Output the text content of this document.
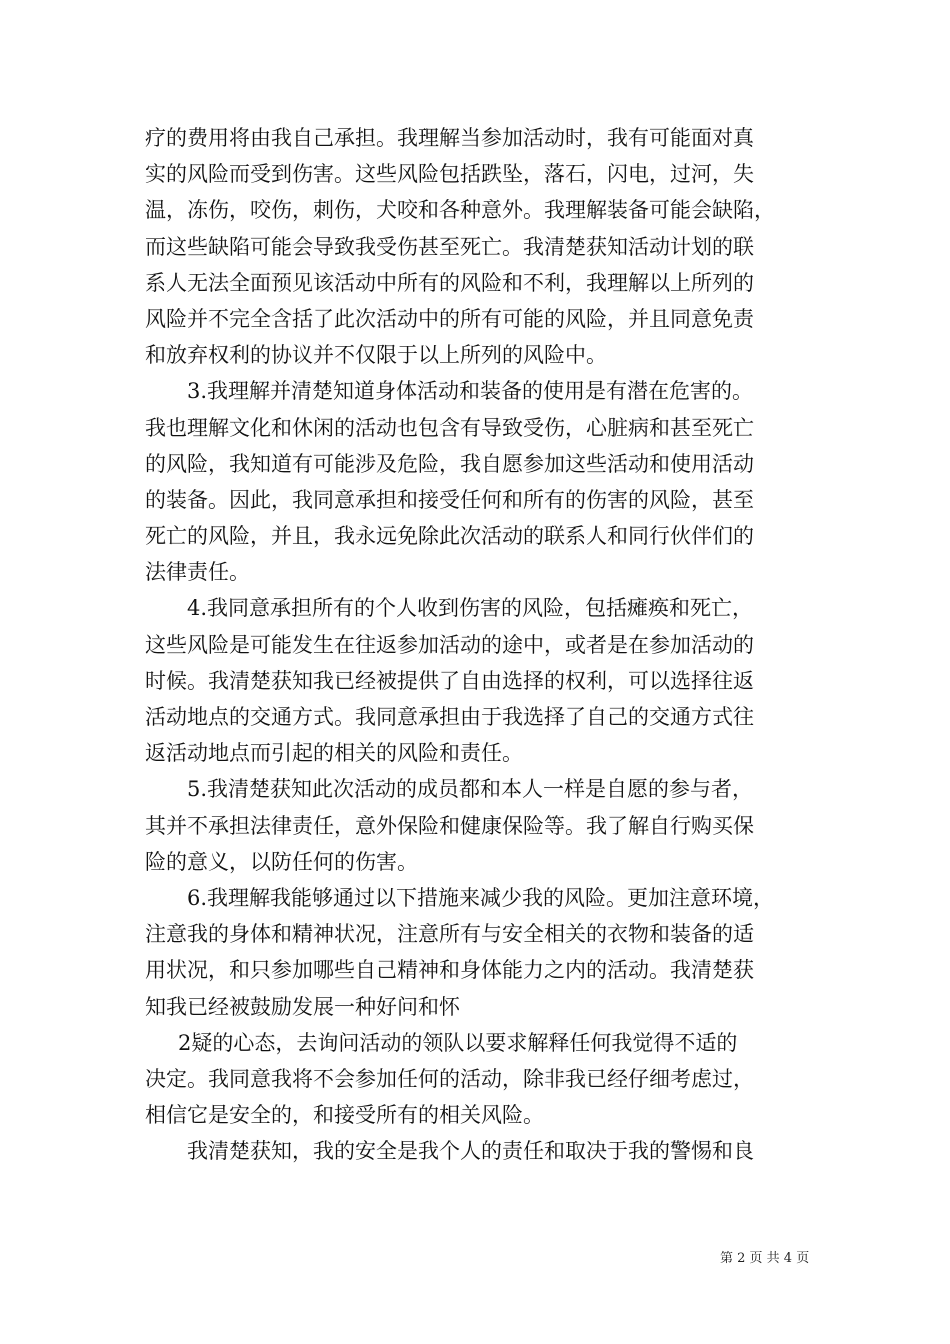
疗的费用将由我自己承担。我理解当参加活动时，我有可能面对真
实的风险而受到伤害。这些风险包括跌坠，落石，闪电，过河，失
温，冻伤，咬伤，刺伤，犬咬和各种意外。我理解装备可能会缺陷，
而这些缺陷可能会导致我受伤甚至死亡。我清楚获知活动计划的联
系人无法全面预见该活动中所有的风险和不利，我理解以上所列的
风险并不完全含括了此次活动中的所有可能的风险，并且同意免责
和放弃权利的协议并不仅限于以上所列的风险中。
3.我理解并清楚知道身体活动和装备的使用是有潜在危害的。
我也理解文化和休闲的活动也包含有导致受伤，心脏病和甚至死亡
的风险，我知道有可能涉及危险，我自愿参加这些活动和使用活动
的装备。因此，我同意承担和接受任何和所有的伤害的风险，甚至
死亡的风险，并且，我永远免除此次活动的联系人和同行伙伴们的
法律责任。
4.我同意承担所有的个人收到伤害的风险，包括瘫痪和死亡，
这些风险是可能发生在往返参加活动的途中，或者是在参加活动的
时候。我清楚获知我已经被提供了自由选择的权利，可以选择往返
活动地点的交通方式。我同意承担由于我选择了自己的交通方式往
返活动地点而引起的相关的风险和责任。
5.我清楚获知此次活动的成员都和本人一样是自愿的参与者，
其并不承担法律责任，意外保险和健康保险等。我了解自行购买保
险的意义，以防任何的伤害。
6.我理解我能够通过以下措施来减少我的风险。更加注意环境，
注意我的身体和精神状况，注意所有与安全相关的衣物和装备的适
用状况，和只参加哪些自己精神和身体能力之内的活动。我清楚获
知我已经被鼓励发展一种好问和怀
2疑的心态，去询问活动的领队以要求解释任何我觉得不适的
决定。我同意我将不会参加任何的活动，除非我已经仔细考虑过，
相信它是安全的，和接受所有的相关风险。
我清楚获知，我的安全是我个人的责任和取决于我的警惕和良
第 2 页 共 4 页
